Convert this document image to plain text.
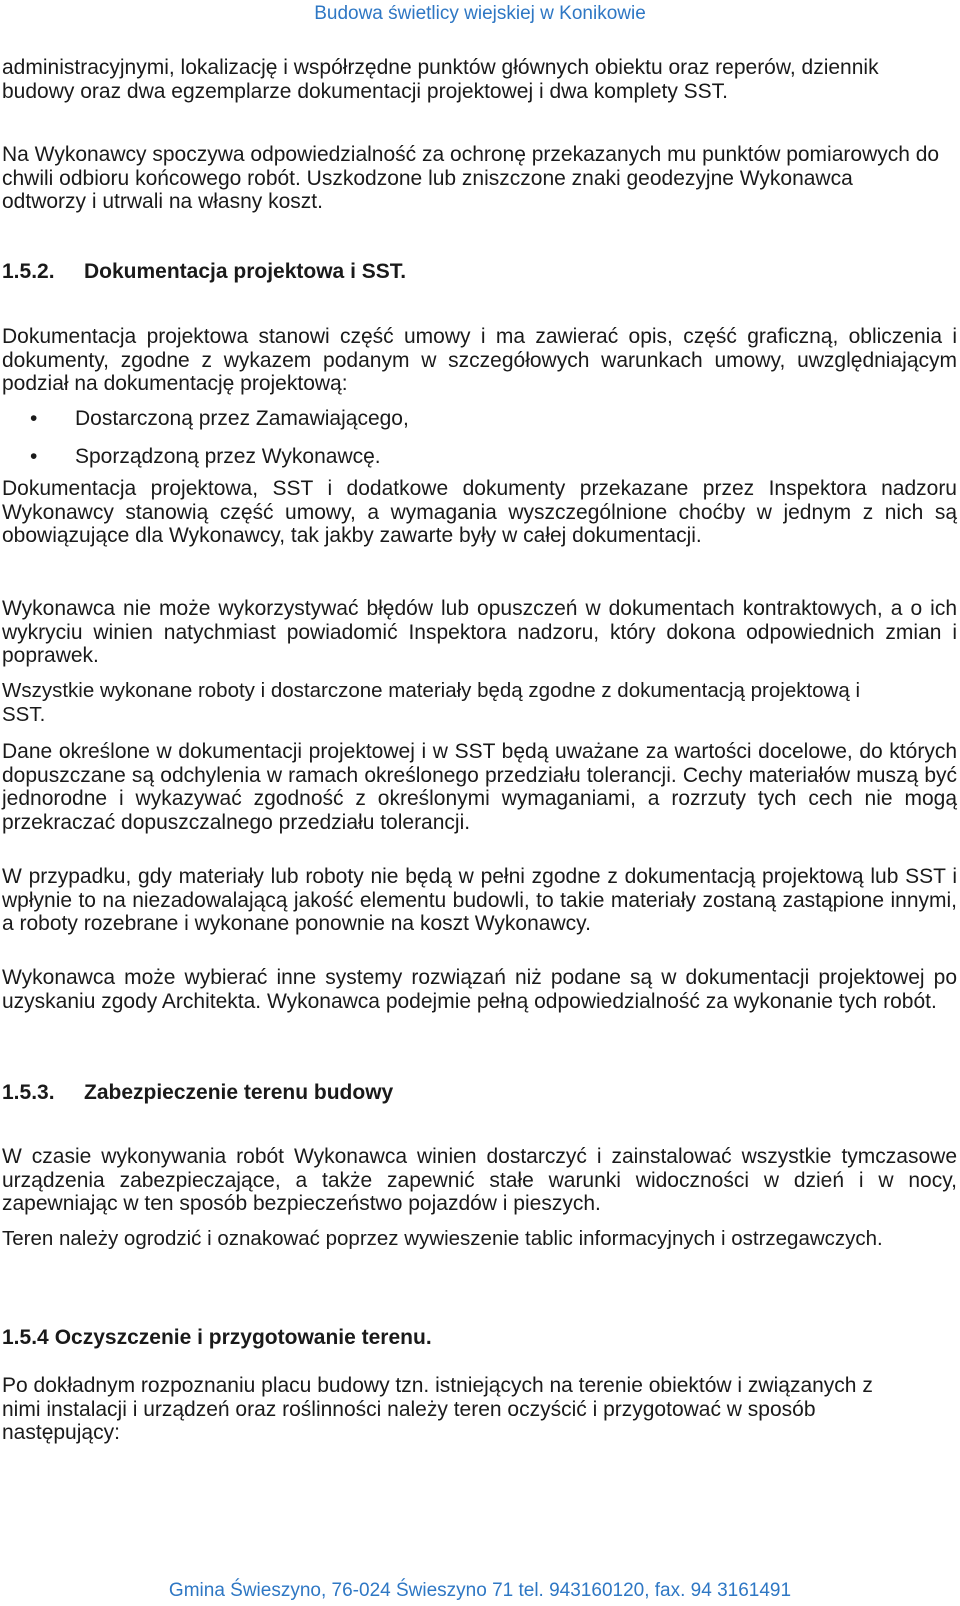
Budowa świetlicy wiejskiej w Konikowie

administracyjnymi, lokalizację i współrzędne punktów głównych obiektu oraz reperów, dziennik budowy oraz dwa egzemplarze dokumentacji projektowej i dwa komplety SST.

Na Wykonawcy spoczywa odpowiedzialność za ochronę przekazanych mu punktów pomiarowych do chwili odbioru końcowego robót. Uszkodzone lub zniszczone znaki geodezyjne Wykonawca odtworzy i utrwali na własny koszt.

1.5.2. Dokumentacja projektowa i SST.

Dokumentacja projektowa stanowi część umowy i ma zawierać opis, część graficzną, obliczenia i dokumenty, zgodne z wykazem podanym w szczegółowych warunkach umowy, uwzględniającym podział na dokumentację projektową:

• Dostarczoną przez Zamawiającego,
• Sporządzoną przez Wykonawcę.

Dokumentacja projektowa, SST i dodatkowe dokumenty przekazane przez Inspektora nadzoru Wykonawcy stanowią część umowy, a wymagania wyszczególnione choćby w jednym z nich są obowiązujące dla Wykonawcy, tak jakby zawarte były w całej dokumentacji.

Wykonawca nie może wykorzystywać błędów lub opuszczeń w dokumentach kontraktowych, a o ich wykryciu winien natychmiast powiadomić Inspektora nadzoru, który dokona odpowiednich zmian i poprawek.

Wszystkie wykonane roboty i dostarczone materiały będą zgodne z dokumentacją projektową i SST.

Dane określone w dokumentacji projektowej i w SST będą uważane za wartości docelowe, do których dopuszczane są odchylenia w ramach określonego przedziału tolerancji. Cechy materiałów muszą być jednorodne i wykazywać zgodność z określonymi wymaganiami, a rozrzuty tych cech nie mogą przekraczać dopuszczalnego przedziału tolerancji.

W przypadku, gdy materiały lub roboty nie będą w pełni zgodne z dokumentacją projektową lub SST i wpłynie to na niezadowalającą jakość elementu budowli, to takie materiały zostaną zastąpione innymi, a roboty rozebrane i wykonane ponownie na koszt Wykonawcy.

Wykonawca może wybierać inne systemy rozwiązań niż podane są w dokumentacji projektowej po uzyskaniu zgody Architekta. Wykonawca podejmie pełną odpowiedzialność za wykonanie tych robót.

1.5.3. Zabezpieczenie terenu budowy

W czasie wykonywania robót Wykonawca winien dostarczyć i zainstalować wszystkie tymczasowe urządzenia zabezpieczające, a także zapewnić stałe warunki widoczności w dzień i w nocy, zapewniając w ten sposób bezpieczeństwo pojazdów i pieszych.

Teren należy ogrodzić i oznakować poprzez wywieszenie tablic informacyjnych i ostrzegawczych.

1.5.4 Oczyszczenie i przygotowanie terenu.

Po dokładnym rozpoznaniu placu budowy tzn. istniejących na terenie obiektów i związanych z nimi instalacji i urządzeń oraz roślinności należy teren oczyścić i przygotować w sposób następujący:

Gmina Świeszyno, 76-024 Świeszyno 71 tel. 943160120, fax. 94 3161491
